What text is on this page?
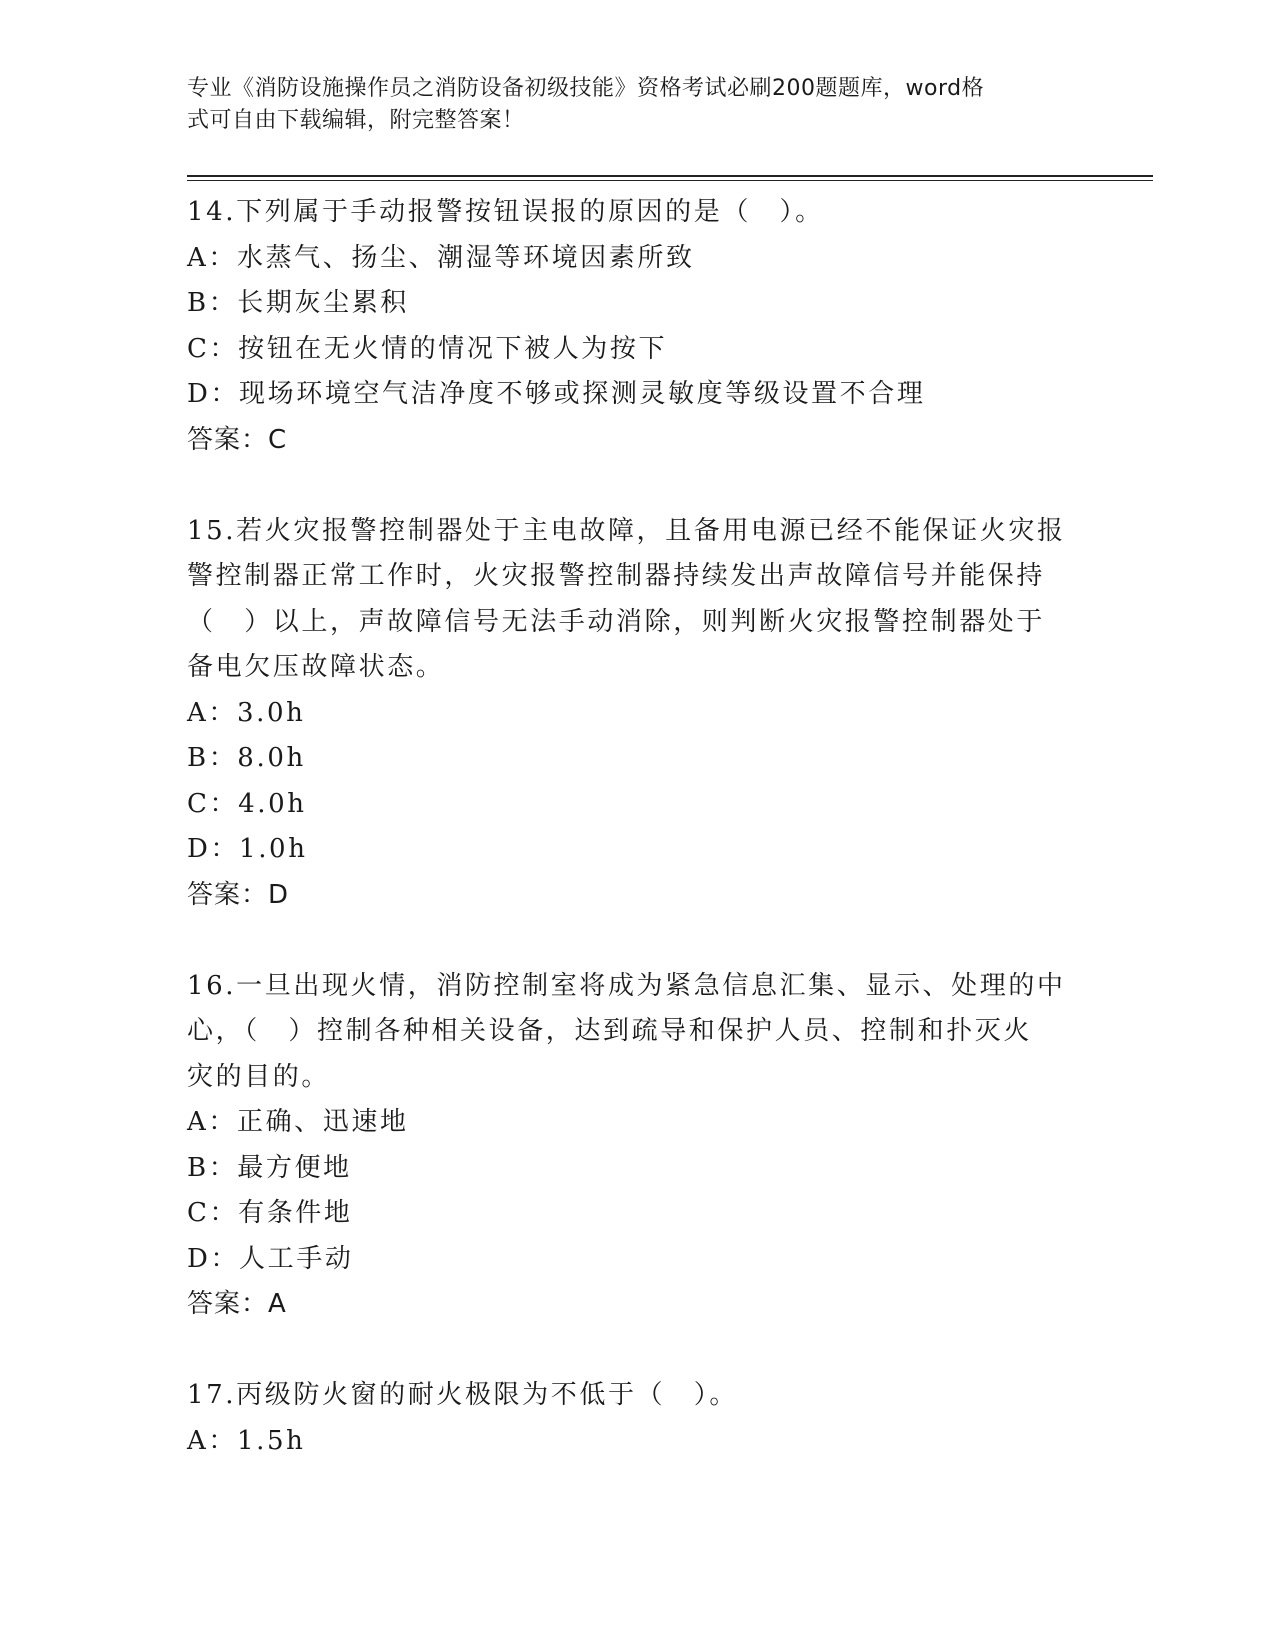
专业《消防设施操作员之消防设备初级技能》资格考试必刷200题题库，word格
式可自由下载编辑，附完整答案！
14.下列属于手动报警按钮误报的原因的是（　）。
A：水蒸气、扬尘、潮湿等环境因素所致
B：长期灰尘累积
C：按钮在无火情的情况下被人为按下
D：现场环境空气洁净度不够或探测灵敏度等级设置不合理
答案：C
15.若火灾报警控制器处于主电故障，且备用电源已经不能保证火灾报
警控制器正常工作时，火灾报警控制器持续发出声故障信号并能保持
（　）以上，声故障信号无法手动消除，则判断火灾报警控制器处于
备电欠压故障状态。
A：3.0h
B：8.0h
C：4.0h
D：1.0h
答案：D
16.一旦出现火情，消防控制室将成为紧急信息汇集、显示、处理的中
心，（　）控制各种相关设备，达到疏导和保护人员、控制和扑灭火
灾的目的。
A：正确、迅速地
B：最方便地
C：有条件地
D：人工手动
答案：A
17.丙级防火窗的耐火极限为不低于（　）。
A：1.5h
